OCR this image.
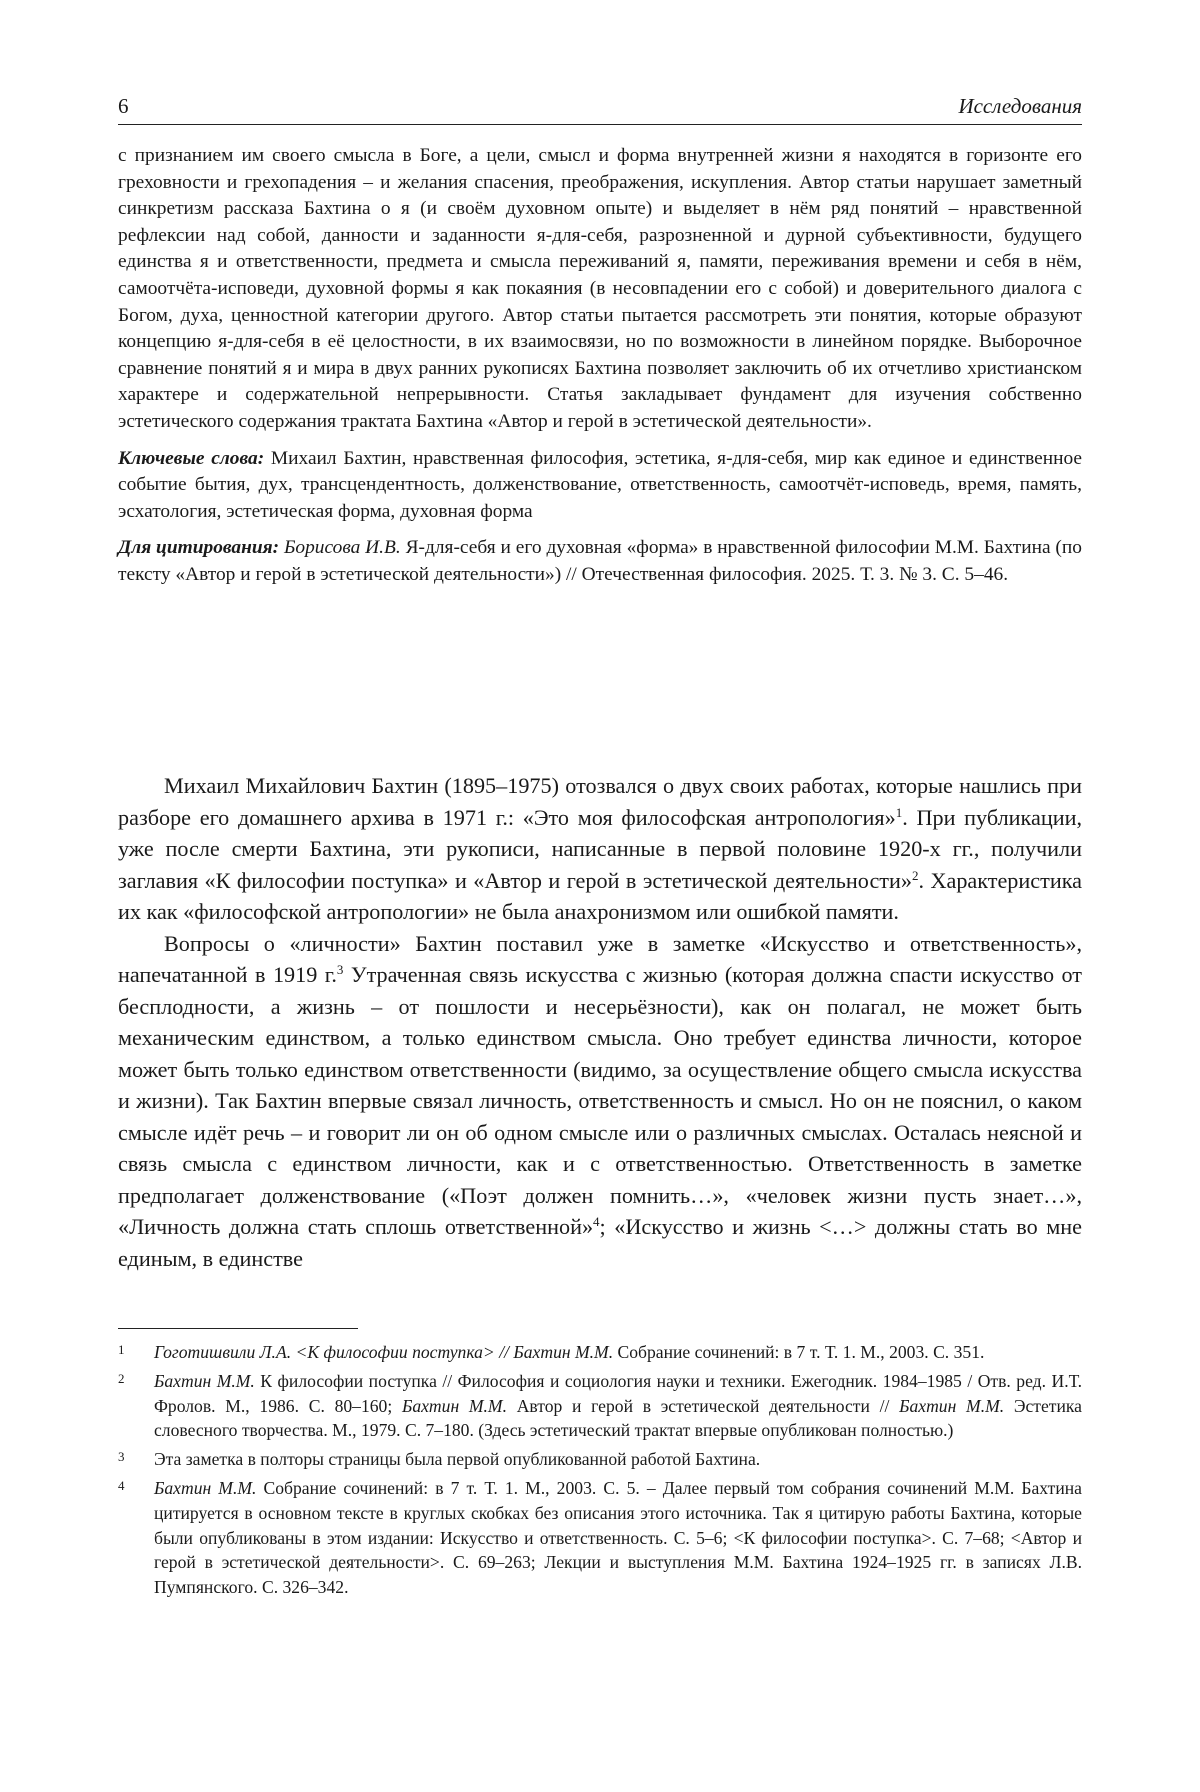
6	Исследования

с признанием им своего смысла в Боге, а цели, смысл и форма внутренней жизни я находятся в горизонте его греховности и грехопадения – и желания спасения, преображения, искупления. Автор статьи нарушает заметный синкретизм рассказа Бахтина о я (и своём духовном опыте) и выделяет в нём ряд понятий – нравственной рефлексии над собой, данности и заданности я-для-себя, разрозненной и дурной субъективности, будущего единства я и ответственности, предмета и смысла переживаний я, памяти, переживания времени и себя в нём, самоотчёта-исповеди, духовной формы я как покаяния (в несовпадении его с собой) и доверительного диалога с Богом, духа, ценностной категории другого. Автор статьи пытается рассмотреть эти понятия, которые образуют концепцию я-для-себя в её целостности, в их взаимосвязи, но по возможности в линейном порядке. Выборочное сравнение понятий я и мира в двух ранних рукописях Бахтина позволяет заключить об их отчетливо христианском характере и содержательной непрерывности. Статья закладывает фундамент для изучения собственно эстетического содержания трактата Бахтина «Автор и герой в эстетической деятельности».

Ключевые слова: Михаил Бахтин, нравственная философия, эстетика, я-для-себя, мир как единое и единственное событие бытия, дух, трансцендентность, долженствование, ответственность, самоотчёт-исповедь, время, память, эсхатология, эстетическая форма, духовная форма

Для цитирования: Борисова И.В. Я-для-себя и его духовная «форма» в нравственной философии М.М. Бахтина (по тексту «Автор и герой в эстетической деятельности») // Отечественная философия. 2025. Т. 3. № 3. С. 5–46.

Михаил Михайлович Бахтин (1895–1975) отозвался о двух своих работах, которые нашлись при разборе его домашнего архива в 1971 г.: «Это моя философская антропология»$^1$. При публикации, уже после смерти Бахтина, эти рукописи, написанные в первой половине 1920-х гг., получили заглавия «К философии поступка» и «Автор и герой в эстетической деятельности»$^2$. Характеристика их как «философской антропологии» не была анахронизмом или ошибкой памяти.

Вопросы о «личности» Бахтин поставил уже в заметке «Искусство и ответственность», напечатанной в 1919 г.$^3$ Утраченная связь искусства с жизнью (которая должна спасти искусство от бесплодности, а жизнь – от пошлости и несерьёзности), как он полагал, не может быть механическим единством, а только единством смысла. Оно требует единства личности, которое может быть только единством ответственности (видимо, за осуществление общего смысла искусства и жизни). Так Бахтин впервые связал личность, ответственность и смысл. Но он не пояснил, о каком смысле идёт речь – и говорит ли он об одном смысле или о различных смыслах. Осталась неясной и связь смысла с единством личности, как и с ответственностью. Ответственность в заметке предполагает долженствование («Поэт должен помнить…», «человек жизни пусть знает…», «Личность должна стать сплошь ответственной»$^4$; «Искусство и жизнь <…> должны стать во мне единым, в единстве

1 Гоготишвили Л.А. <К философии поступка> // Бахтин М.М. Собрание сочинений: в 7 т. Т. 1. М., 2003. С. 351.
2 Бахтин М.М. К философии поступка // Философия и социология науки и техники. Ежегодник. 1984–1985 / Отв. ред. И.Т. Фролов. М., 1986. С. 80–160; Бахтин М.М. Автор и герой в эстетической деятельности // Бахтин М.М. Эстетика словесного творчества. М., 1979. С. 7–180. (Здесь эстетический трактат впервые опубликован полностью.)
3 Эта заметка в полторы страницы была первой опубликованной работой Бахтина.
4 Бахтин М.М. Собрание сочинений: в 7 т. Т. 1. М., 2003. С. 5. – Далее первый том собрания сочинений М.М. Бахтина цитируется в основном тексте в круглых скобках без описания этого источника. Так я цитирую работы Бахтина, которые были опубликованы в этом издании: Искусство и ответственность. С. 5–6; <К философии поступка>. С. 7–68; <Автор и герой в эстетической деятельности>. С. 69–263; Лекции и выступления М.М. Бахтина 1924–1925 гг. в записях Л.В. Пумпянского. С. 326–342.
